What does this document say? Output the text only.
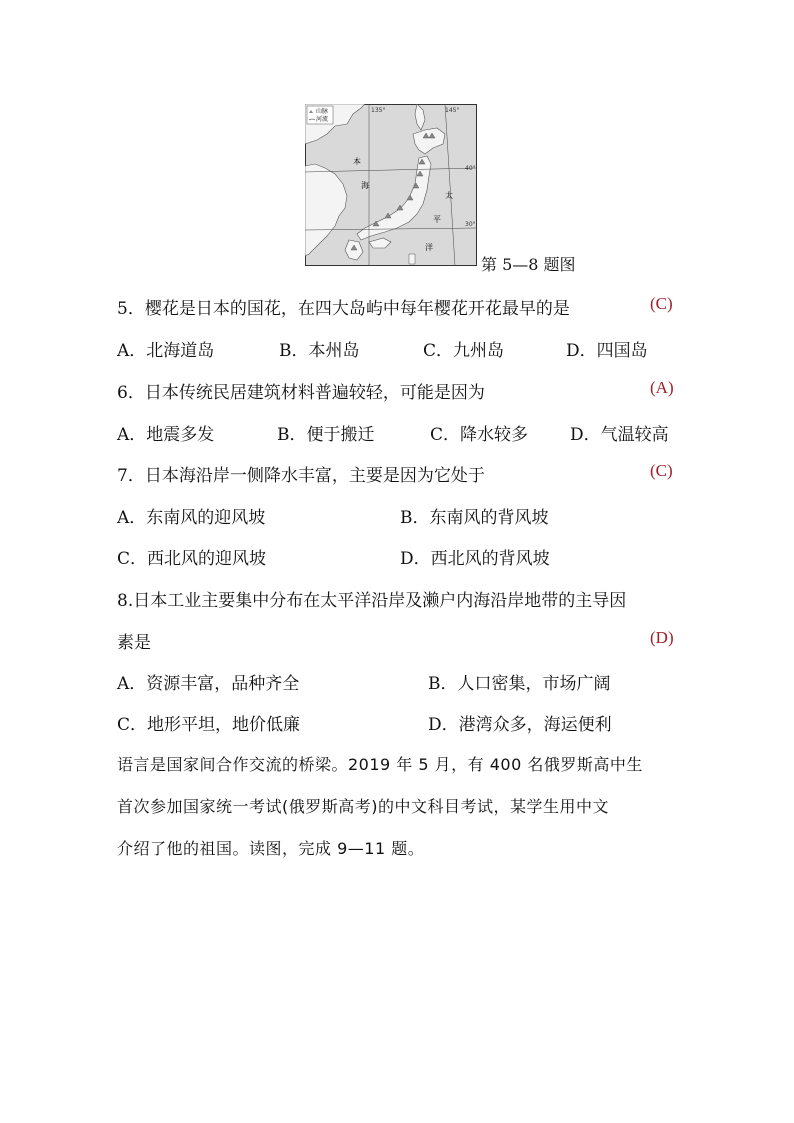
山脉
河流
135°	145°
40°
30°
本
海
太
平
洋
第 5—8 题图
5．樱花是日本的国花，在四大岛屿中每年樱花开花最早的是	(C)
A．北海道岛	B．本州岛	C．九州岛	D．四国岛
6．日本传统民居建筑材料普遍较轻，可能是因为	(A)
A．地震多发	B．便于搬迁	C．降水较多 D．气温较高
7．日本海沿岸一侧降水丰富，主要是因为它处于	(C)
A．东南风的迎风坡	B．东南风的背风坡
C．西北风的迎风坡	D．西北风的背风坡
8.日本工业主要集中分布在太平洋沿岸及濑户内海沿岸地带的主导因
素是	(D)
A．资源丰富，品种齐全	B．人口密集，市场广阔
C．地形平坦，地价低廉	D．港湾众多，海运便利
语言是国家间合作交流的桥梁。2019 年 5 月，有 400 名俄罗斯高中生
首次参加国家统一考试(俄罗斯高考)的中文科目考试，某学生用中文
介绍了他的祖国。读图，完成 9—11 题。
